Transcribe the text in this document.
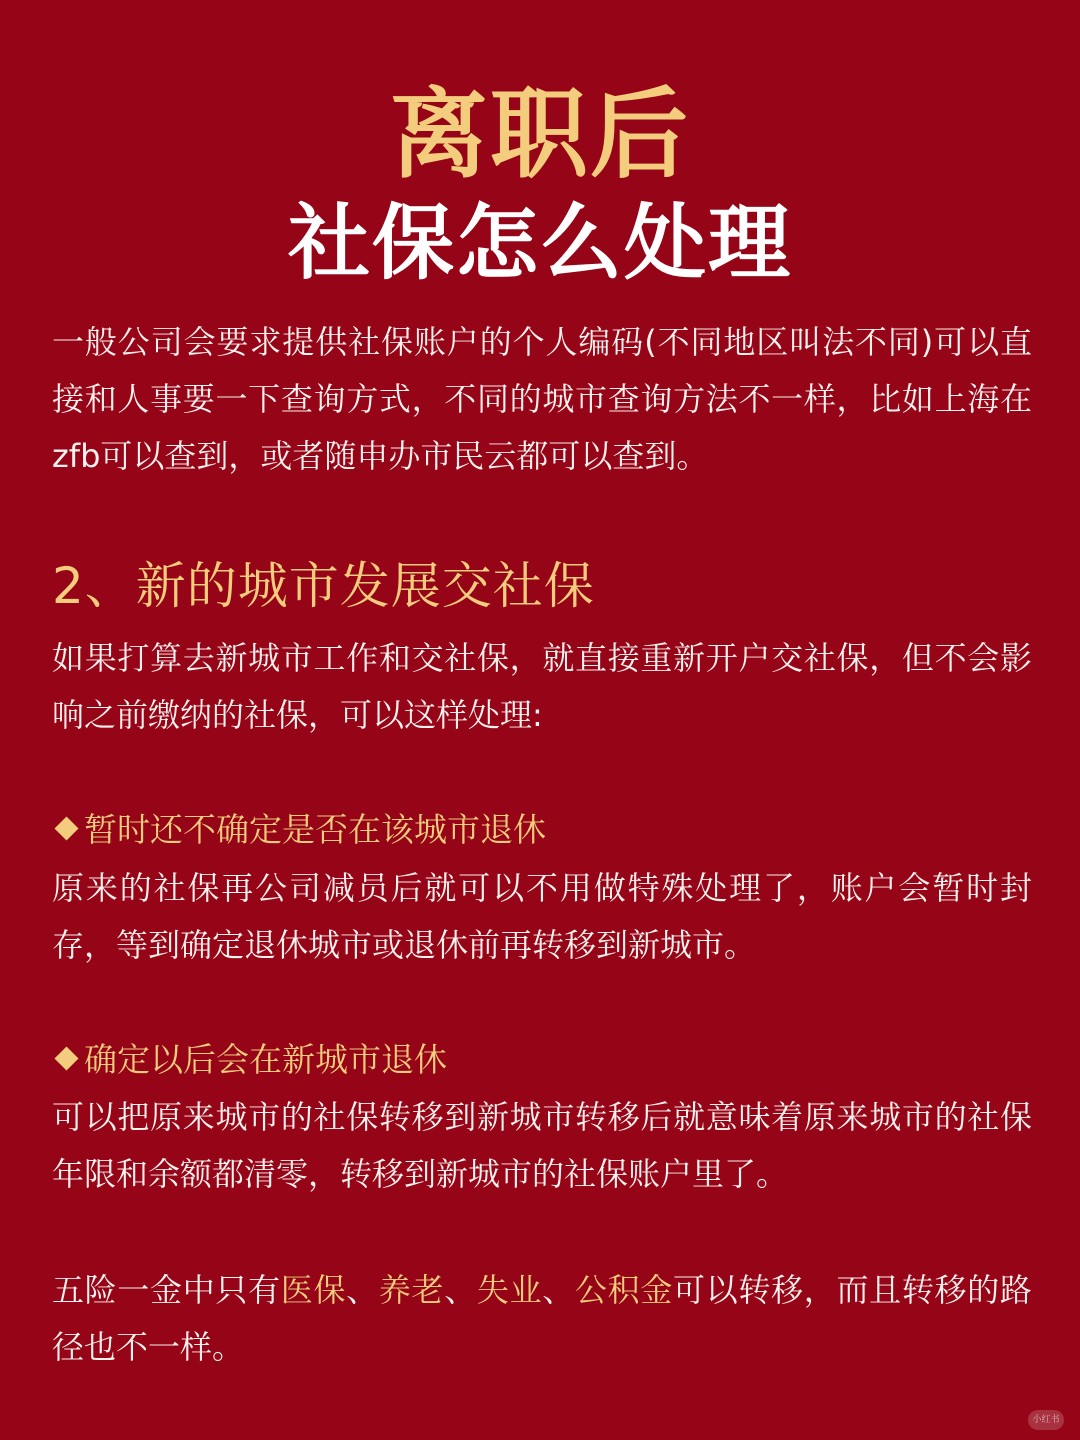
离职后
社保怎么处理
一般公司会要求提供社保账户的个人编码(不同地区叫法不同)可以直接和人事要一下查询方式，不同的城市查询方法不一样，比如上海在zfb可以查到，或者随申办市民云都可以查到。
2、新的城市发展交社保
如果打算去新城市工作和交社保，就直接重新开户交社保，但不会影响之前缴纳的社保，可以这样处理:
暂时还不确定是否在该城市退休
原来的社保再公司减员后就可以不用做特殊处理了，账户会暂时封存，等到确定退休城市或退休前再转移到新城市。
确定以后会在新城市退休
可以把原来城市的社保转移到新城市转移后就意味着原来城市的社保年限和余额都清零，转移到新城市的社保账户里了。
五险一金中只有医保、养老、失业、公积金可以转移，而且转移的路径也不一样。
小红书
